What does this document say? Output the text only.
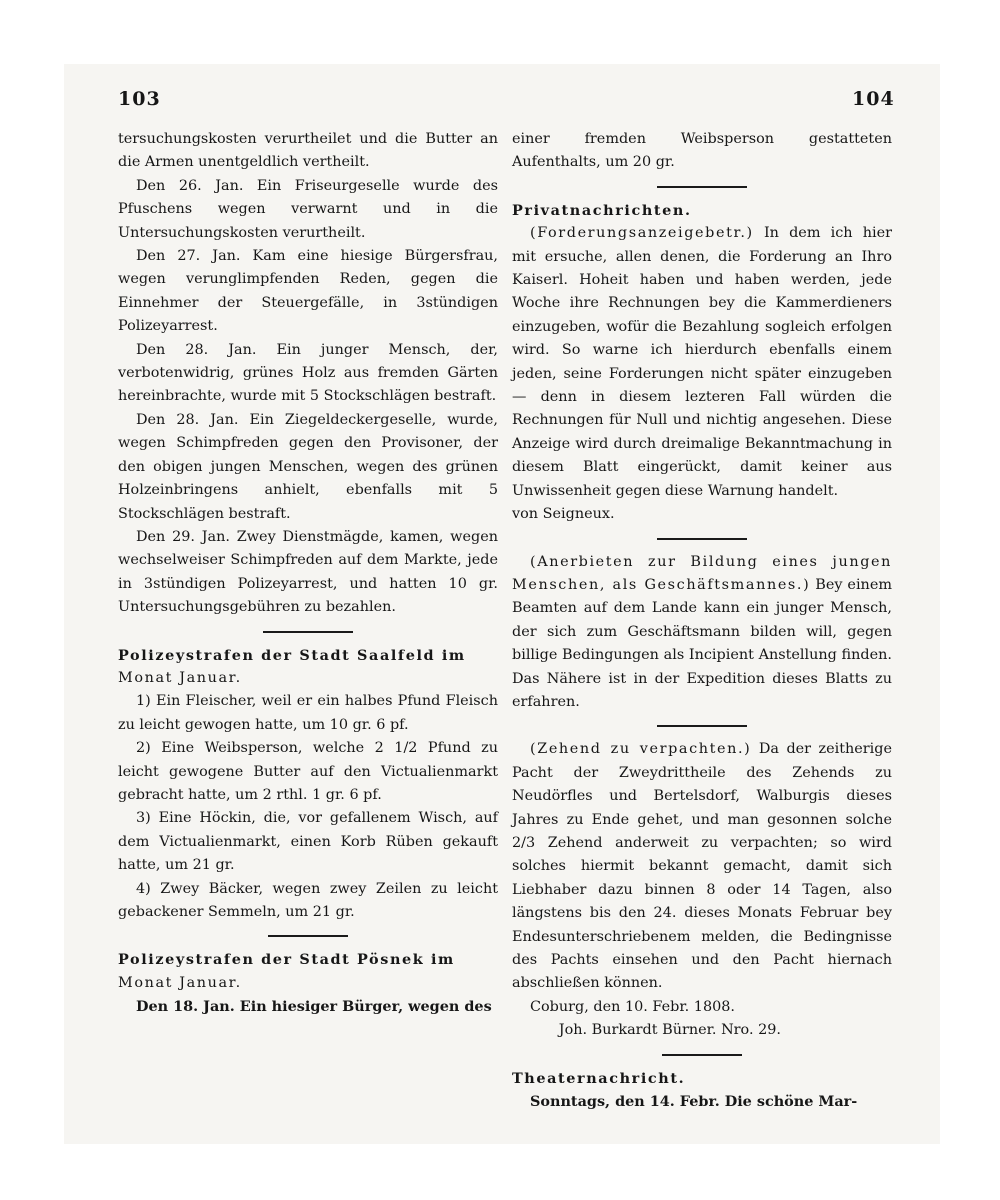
103	104

tersuchungskosten verurtheilet und die Butter an die Armen unentgeldlich vertheilt.

Den 26. Jan. Ein Friseurgeselle wurde des Pfuschens wegen verwarnt und in die Untersuchungskosten verurtheilt.

Den 27. Jan. Kam eine hiesige Bürgersfrau, wegen verunglimpfenden Reden, gegen die Einnehmer der Steuergefälle, in 3stündigen Polizeyarrest.

Den 28. Jan. Ein junger Mensch, der, verbotenwidrig, grünes Holz aus fremden Gärten hereinbrachte, wurde mit 5 Stockschlägen bestraft.

Den 28. Jan. Ein Ziegeldeckergeselle, wurde, wegen Schimpfreden gegen den Provisoner, der den obigen jungen Menschen, wegen des grünen Holzeinbringens anhielt, ebenfalls mit 5 Stockschlägen bestraft.

Den 29. Jan. Zwey Dienstmägde, kamen, wegen wechselweiser Schimpfreden auf dem Markte, jede in 3stündigen Polizeyarrest, und hatten 10 gr. Untersuchungsgebühren zu bezahlen.

Polizeystrafen der Stadt Saalfeld im

Monat Januar.

1) Ein Fleischer, weil er ein halbes Pfund Fleisch zu leicht gewogen hatte, um 10 gr. 6 pf.

2) Eine Weibsperson, welche 2 1/2 Pfund zu leicht gewogene Butter auf den Victualienmarkt gebracht hatte, um 2 rthl. 1 gr. 6 pf.

3) Eine Höckin, die, vor gefallenem Wisch, auf dem Victualienmarkt, einen Korb Rüben gekauft hatte, um 21 gr.

4) Zwey Bäcker, wegen zwey Zeilen zu leicht gebackener Semmeln, um 21 gr.

Polizeystrafen der Stadt Pösnek im

Monat Januar.

Den 18. Jan. Ein hiesiger Bürger, wegen des

einer fremden Weibsperson gestatteten Aufenthalts, um 20 gr.

Privatnachrichten.

(Forderungsanzeigebetr.) In dem ich hier mit ersuche, allen denen, die Forderung an Ihro Kaiserl. Hoheit haben und haben werden, jede Woche ihre Rechnungen bey die Kammerdieners einzugeben, wofür die Bezahlung sogleich erfolgen wird. So warne ich hierdurch ebenfalls einem jeden, seine Forderungen nicht später einzugeben — denn in diesem lezteren Fall würden die Rechnungen für Null und nichtig angesehen. Diese Anzeige wird durch dreimalige Bekanntmachung in diesem Blatt eingerückt, damit keiner aus Unwissenheit gegen diese Warnung handelt.

von Seigneux.

(Anerbieten zur Bildung eines jungen Menschen, als Geschäftsmannes.) Bey einem Beamten auf dem Lande kann ein junger Mensch, der sich zum Geschäftsmann bilden will, gegen billige Bedingungen als Incipient Anstellung finden. Das Nähere ist in der Expedition dieses Blatts zu erfahren.

(Zehend zu verpachten.) Da der zeitherige Pacht der Zweydrittheile des Zehends zu Neudörfles und Bertelsdorf, Walburgis dieses Jahres zu Ende gehet, und man gesonnen solche 2/3 Zehend anderweit zu verpachten; so wird solches hiermit bekannt gemacht, damit sich Liebhaber dazu binnen 8 oder 14 Tagen, also längstens bis den 24. dieses Monats Februar bey Endesunterschriebenem melden, die Bedingnisse des Pachts einsehen und den Pacht hiernach abschließen können.

Coburg, den 10. Febr. 1808.

Joh. Burkardt Bürner. Nro. 29.

Theaternachricht.

Sonntags, den 14. Febr. Die schöne Mar-
